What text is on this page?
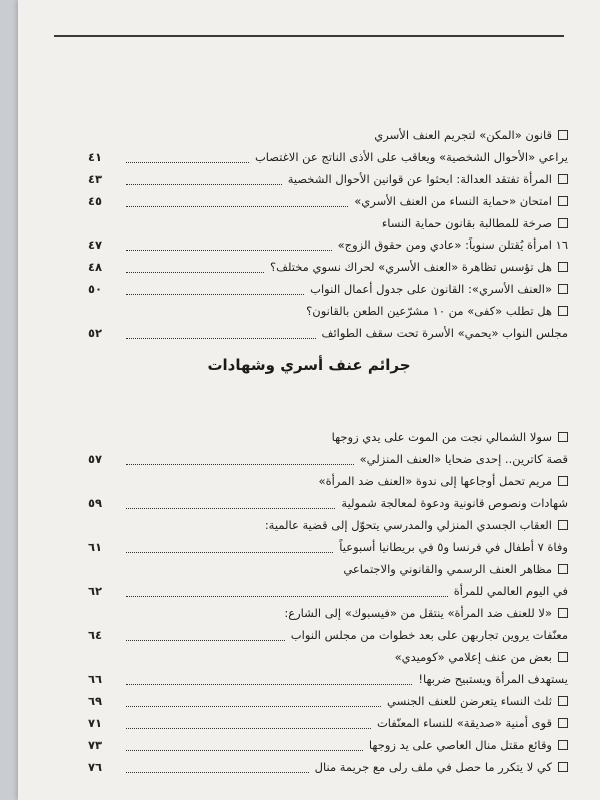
قانون «المكن» لتجريم العنف الأسري
يراعي «الأحوال الشخصية» ويعاقب على الأذى الناتج عن الاغتصاب
٤١
المرأة تفتقد العدالة: ابحثوا عن قوانين الأحوال الشخصية
٤٣
امتحان «حماية النساء من العنف الأسري»
٤٥
صرخة للمطالبة بقانون حماية النساء
١٦ امرأة يُقتلن سنوياً: «عادي ومن حقوق الزوج»
٤٧
هل تؤسس تظاهرة «العنف الأسري» لحراك نسوي مختلف؟
٤٨
«العنف الأسري»: القانون على جدول أعمال النواب
٥٠
هل تطلب «كفى» من ١٠ مشرّعين الطعن بالقانون؟
مجلس النواب «يحمي» الأسرة تحت سقف الطوائف
٥٢
جرائم عنف أسري وشهادات
سولا الشمالي نجت من الموت على يدي زوجها
قصة كاترين.. إحدى ضحايا «العنف المنزلي»
٥٧
مريم تحمل أوجاعها إلى ندوة «العنف ضد المرأة»
شهادات ونصوص قانونية ودعوة لمعالجة شمولية
٥٩
العقاب الجسدي المنزلي والمدرسي يتحوّل إلى قضية عالمية:
وفاة ٧ أطفال في فرنسا و٥ في بريطانيا أسبوعياً
٦١
مظاهر العنف الرسمي والقانوني والاجتماعي
في اليوم العالمي للمرأة
٦٢
«لا للعنف ضد المرأة» ينتقل من «فيسبوك» إلى الشارع:
معنّفات يروين تجاربهن على بعد خطوات من مجلس النواب
٦٤
بعض من عنف إعلامي «كوميدي»
يستهدف المرأة ويستبيح ضربها!
٦٦
ثلث النساء يتعرضن للعنف الجنسي
٦٩
قوى أمنية «صديقة» للنساء المعنّفات
٧١
وقائع مقتل منال العاصي على يد زوجها
٧٣
كي لا يتكرر ما حصل في ملف رلى مع جريمة منال
٧٦
